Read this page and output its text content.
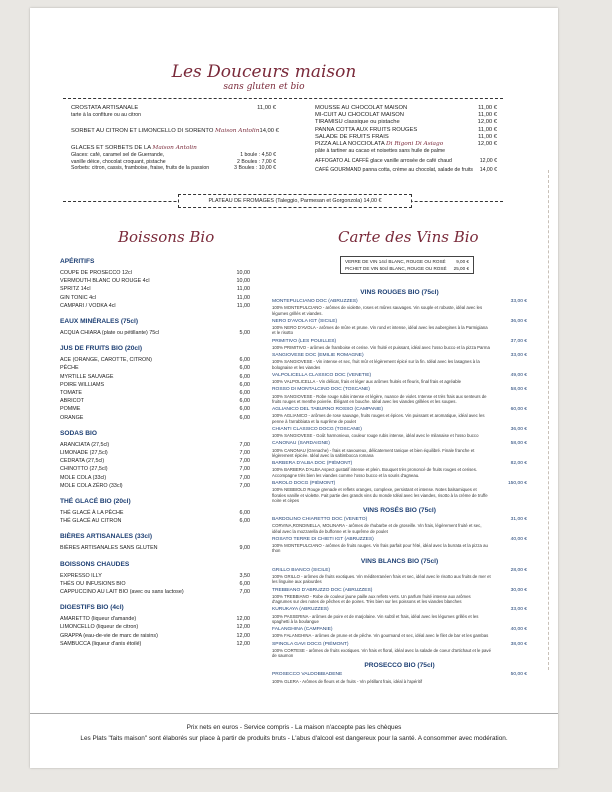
Les Douceurs maison
sans gluten et bio
CROSTATA ARTISANALE	11,00 €
tarte à la confiture ou au citron
SORBET AU CITRON ET LIMONCELLO DI SORENTO Maison Antolin 14,00 €
GLACES ET SORBETS DE LA Maison Antolin
Glaces: café, caramel sel de Guerrande,	1 boule : 4,50 €
vanille déice, chocolat croquant, pistache	2 Boules : 7,00 €
Sorbets: citron, cassis, framboise, fraise, fruits de la passion	3 Boules : 10,00 €
MOUSSE AU CHOCOLAT MAISON	11,00 €
MI-CUIT AU CHOCOLAT MAISON	11,00 €
TIRAMISU classique ou pistache	12,00 €
PANNA COTTA AUX FRUITS ROUGES	11,00 €
SALADE DE FRUITS FRAIS	11,00 €
PIZZA ALLA NOCCIOLATA Di Rigoni Di Asiago	12,00 €
pâte à tartiner au cacao et noisettes sans huile de palme
AFFOGATO AL CAFFÈ glace vanille arrosée de café chaud	12,00 €
CAFÉ GOURMAND panna cotta, crème au chocolat, salade de fruits 14,00 €
PLATEAU DE FROMAGES (Taleggio, Parmesan et Gorgonzola) 14,00 €
Boissons Bio	Carte des Vins Bio
VERRE DE VIN 14cl BLANC, ROUGE OU ROSÉ 9,00 €
PICHET DE VIN 50cl BLANC, ROUGE OU ROSÉ 25,00 €
APÉRITIFS
COUPE DE PROSECCO 12cl	10,00
VERMOUTH BLANC OU ROUGE 4cl	10,00
SPRITZ 14cl	11,00
GIN TONIC 4cl	11,00
CAMPARI / VODKA 4cl	11,00
EAUX MINÉRALES (75cl)
ACQUA CHIARA (plate ou pétillante) 75cl	5,00
JUS DE FRUITS BIO (20cl)
ACE (ORANGE, CAROTTE, CITRON)	6,00
PÊCHE	6,00
MYRTILLE SAUVAGE	6,00
POIRE WILLIAMS	6,00
TOMATE	6,00
ABRICOT	6,00
POMME	6,00
ORANGE	6,00
SODAS BIO
ARANCIATA (27,5cl)	7,00
LIMONADE (27,5cl)	7,00
CEDRATA (27,5cl)	7,00
CHINOTTO (27,5cl)	7,00
MOLE COLA (33cl)	7,00
MOLE COLA ZÉRO (33cl)	7,00
THÉ GLACÉ BIO (20cl)
THÉ GLACÉ À LA PÊCHE	6,00
THÉ GLACÉ AU CITRON	6,00
BIÈRES ARTISANALES (33cl)
BIÈRES ARTISANALES SANS GLUTEN	9,00
BOISSONS CHAUDES
EXPRESSO ILLY	3,50
THÉS OU INFUSIONS BIO	6,00
CAPPUCCINO AU LAIT BIO (avec ou sans lactose)	7,00
DIGESTIFS BIO (4cl)
AMARETTO (liqueur d'amande)	12,00
LIMONCELLO (liqueur de citron)	12,00
GRAPPA (eau-de-vie de marc de raisins)	12,00
SAMBUCCA (liqueur d'anis étoilé)	12,00
VINS ROUGES BIO (75cl)
MONTEPULCIANO DOC (ABRUZZES)	33,00 €
100% MONTEPULCIANO - arômes de violette, roses et mûres sauvages. Vin souple et robuste, idéal avec les légumes grillés et viandes.
NERO D'AVOLA IGT (SICILE)	36,00 €
100% NERO D'AVOLA - arômes de mûre et prune. Vin rond et intense, idéal avec les aubergines à la Parmigiana et le risotto
PRIMITIVO (LES POUILLES)	37,00 €
100% PRIMITIVO - arômes de framboise et cerise. Vin fruité et puissant, idéal avec l'osso bucco et la pizza Parma
SANGIOVESE DOC (EMILIE ROMAGNE)	33,00 €
100% SANGIOVESE - Vin intense et sec, fruit mûr et légèrement épicé sur la fin. Idéal avec les lasagnes à la bolognaise et les viandes
VALPOLICELLA CLASSICO DOC (VENETIE)	49,00 €
100% VALPOLICELLA - Vin délicat, frais et léger aux arômes fruités et fleuris, final frais et agréable
ROSSO DI MONTALCINO DOC (TOSCANE)	58,00 €
100% SANGIOVESE - Robe rouge rubis intense et légère, nuance de violet. Intense et très frais aux senteurs de fruits rouges et menthe poivrée. Élégant en bouche. Idéal avec les viandes grillées et les soupes.
AGLIANICO DEL TABURNO ROSSO (CAMPANIE)	60,00 €
100% AGLIANICO - arômes de rose sauvage, fruits rouges et épices. Vin puissant et aromatique, idéal avec les penne à l'arrabbiata et la suprême de poulet
CHIANTI CLASSICO DOCG (TOSCANE)	36,00 €
100% SANGIOVESE - Goût harmonieux, couleur rouge rubis intense, idéal avec le milanaise et l'osso bucco
CANONAU (SARDAIGNE)	58,00 €
100% CANONAU (Grenache) - frais et savoureux, délicatement tanique et bien équilibré. Finale franche et légèrement épicée. Idéal avec la saltimbocca romana
BARBERA D'ALBA DOC (PIÉMONT)	82,00 €
100% BARBERA D'ALBA Aspect gustatif intense et plein. Bouquet très prononcé de fruits rouges et cerises. Accompagne très bien les viandes comme l'osso bucco et la souris d'agneau.
BAROLO DOCG (PIÉMONT)	150,00 €
100% NEBBIOLO Rouge grenade et reflets oranges, complexe, persistant et intense. Notes balsamiques et florales vanille et violette. Fait partie des grands vins du monde Idéal avec les viandes, risotto à la crème de truffe noire et cèpes
VINS ROSÉS BIO (75cl)
BARDOLINO CHIARETTO DOC (VENETO)	31,00 €
CORVINA,RONDINELLA, MOLINARA - arômes de rhubarbe et de groseille. Vin frais, légèrement fruité et sec, idéal avec la mozzarella de buffonne et le suprême de poulet
ROSATO TERRE DI CHIETI IGT (ABRUZZES)	40,00 €
100% MONTEPULCIANO - arômes de fruits rouges. Vin frais parfait pour l'été, idéal avec la burrata et la pizza au thon
VINS BLANCS BIO (75cl)
GRILLO BIANCO (SICILE)	28,00 €
100% GRILLO - arômes de fruits exotiques. Vin méditerranéen frais et sec, idéal avec le risotto aux fruits de mer et les linguine aux palourdes
TREBBIANO D'ABRUZZO DOC (ABRUZZES)	30,00 €
100% TREBBIANO - Robe de couleur jaune paille aux reflets verts. Un parfum fruité intense aux arômes d'agrumes sur des notes de pêches et de poires. Très bien sur les poissons et les viandes blanches
KURUKAYA (ABRUZZES)	33,00 €
100% PASSERINA - arômes de poire et de marjolaine. Vin subtil et frais, idéal avec les légumes grillés et les spaghetti à la boulangue
FALANGHINA (CAMPANIE)	40,00 €
100% FALANGHINA - arômes de prune et de pêche. Vin gourmand et sec, idéal avec le filet de bar et les gambas
SPINOLA GAVI DOCG (PIÉMONT)	38,00 €
100% CORTESE - arômes de fruits exotiques. Vin frais et floral, idéal avec la salade de coeur d'artichaut et le pavé de saumon
PROSECCO BIO (75cl)
PROSECCO VALDOBBIADENE	50,00 €
100% GLERA - Arômes de fleurs et de fruits - Vin pétillant frais, idéal à l'apéritif
Prix nets en euros - Service compris - La maison n'accepte pas les chèques
Les Plats "faits maison" sont élaborés sur place à partir de produits bruts - L'abus d'alcool est dangereux pour la santé. A consommer avec modération.
